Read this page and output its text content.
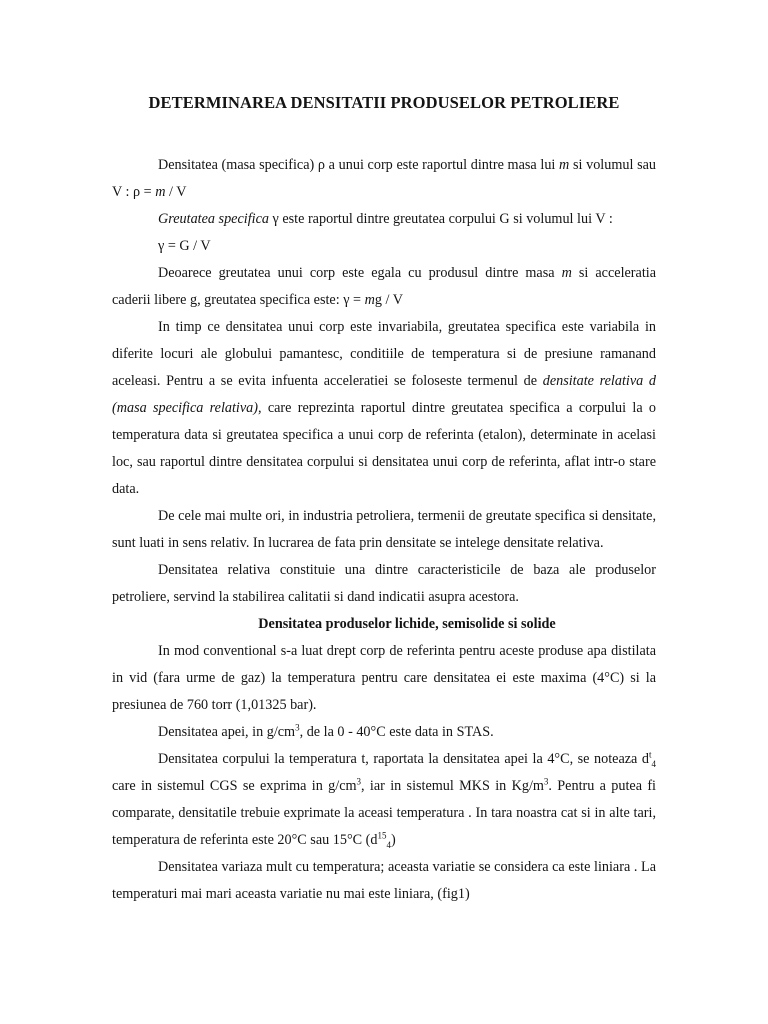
DETERMINAREA DENSITATII PRODUSELOR PETROLIERE

Densitatea (masa specifica) ρ a unui corp este raportul dintre masa lui m si volumul sau V : ρ = m / V

Greutatea specifica γ este raportul dintre greutatea corpului G si volumul lui V :

γ = G / V

Deoarece greutatea unui corp este egala cu produsul dintre masa m si acceleratia caderii libere g, greutatea specifica este: γ = mg / V

In timp ce densitatea unui corp este invariabila, greutatea specifica este variabila in diferite locuri ale globului pamantesc, conditiile de temperatura si de presiune ramanand aceleasi. Pentru a se evita infuenta acceleratiei se foloseste termenul de densitate relativa d (masa specifica relativa), care reprezinta raportul dintre greutatea specifica a corpului la o temperatura data si greutatea specifica a unui corp de referinta (etalon), determinate in acelasi loc, sau raportul dintre densitatea corpului si densitatea unui corp de referinta, aflat intr-o stare data.

De cele mai multe ori, in industria petroliera, termenii de greutate specifica si densitate, sunt luati in sens relativ. In lucrarea de fata prin densitate se intelege densitate relativa.

Densitatea relativa constituie una dintre caracteristicile de baza ale produselor petroliere, servind la stabilirea calitatii si dand indicatii asupra acestora.

Densitatea produselor lichide, semisolide si solide

In mod conventional s-a luat drept corp de referinta pentru aceste produse apa distilata in vid (fara urme de gaz) la temperatura pentru care densitatea ei este maxima (4°C) si la presiunea de 760 torr (1,01325 bar).

Densitatea apei, in $g/cm^3$, de la 0 - 40°C este data in STAS.

Densitatea corpului la temperatura t, raportata la densitatea apei la 4°C, se noteaza $d^t_4$ care in sistemul CGS se exprima in $g/cm^3$, iar in sistemul MKS in $Kg/m^3$. Pentru a putea fi comparate, densitatile trebuie exprimate la aceasi temperatura . In tara noastra cat si in alte tari, temperatura de referinta este 20°C sau 15°C $(d^{15}_4)$

Densitatea variaza mult cu temperatura; aceasta variatie se considera ca este liniara . La temperaturi mai mari aceasta variatie nu mai este liniara, (fig1)
